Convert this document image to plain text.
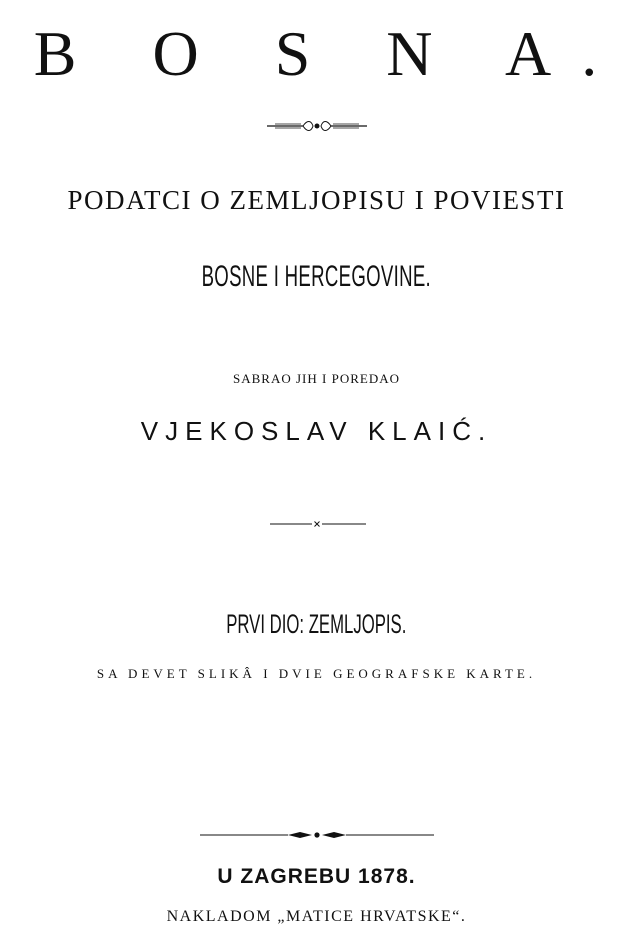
B O S N A.
PODATCI O ZEMLJOPISU I POVIESTI
BOSNE I HERCEGOVINE.
SABRAO JIH I POREDAO
VJEKOSLAV KLAIĆ.
PRVI DIO: ZEMLJOPIS.
SA DEVET SLIKÂ I DVIE GEOGRAFSKE KARTE.
U ZAGREBU 1878.
NAKLADOM „MATICE HRVATSKE“.
